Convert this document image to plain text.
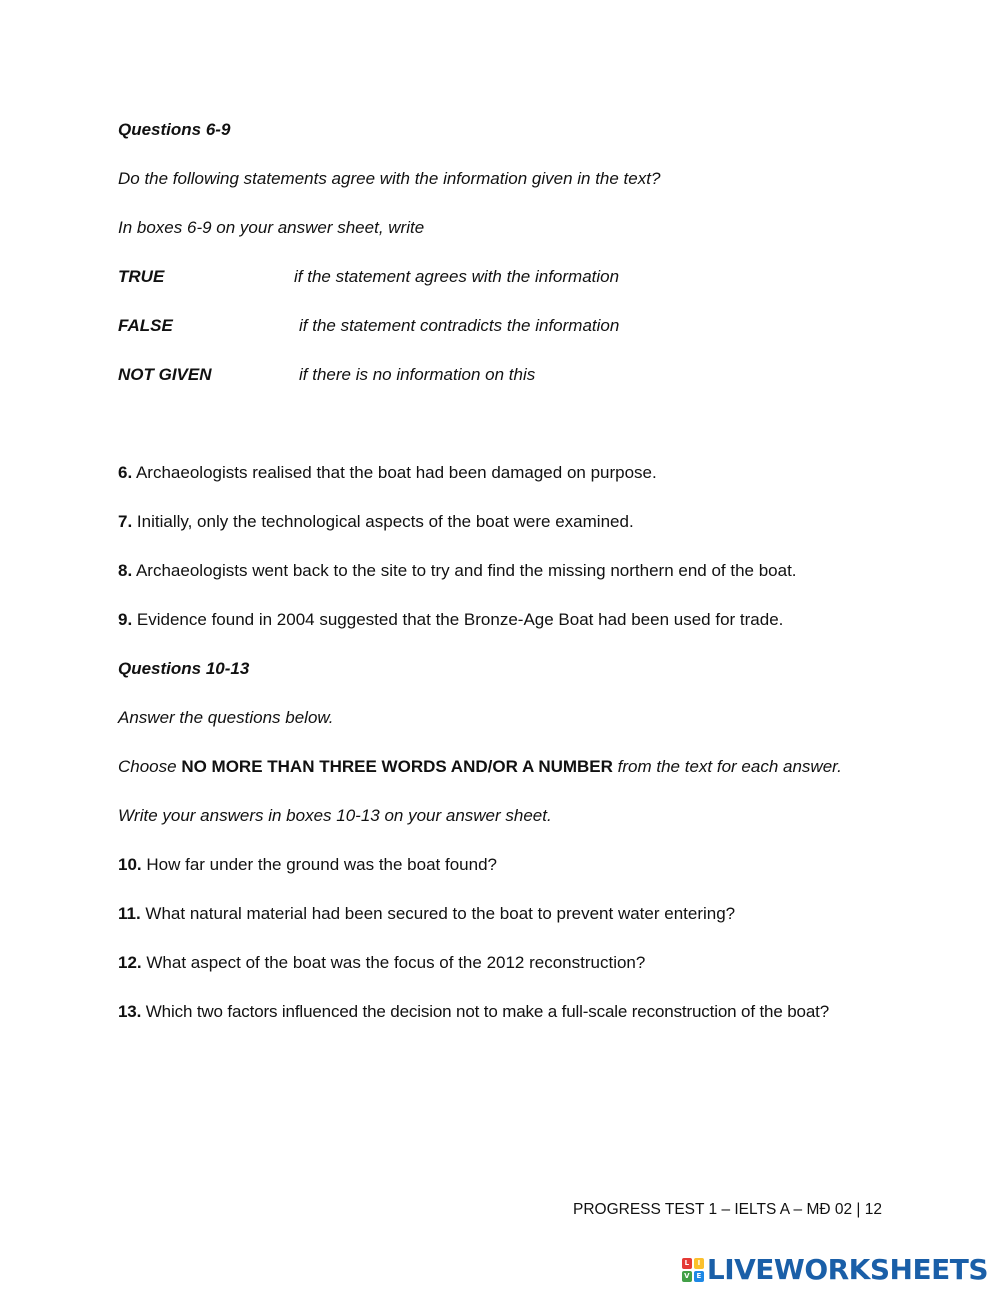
Questions 6-9
Do the following statements agree with the information given in the text?
In boxes 6-9 on your answer sheet, write
TRUE	if the statement agrees with the information
FALSE	if the statement contradicts the information
NOT GIVEN	if there is no information on this
6. Archaeologists realised that the boat had been damaged on purpose.
7. Initially, only the technological aspects of the boat were examined.
8. Archaeologists went back to the site to try and find the missing northern end of the boat.
9. Evidence found in 2004 suggested that the Bronze-Age Boat had been used for trade.
Questions 10-13
Answer the questions below.
Choose NO MORE THAN THREE WORDS AND/OR A NUMBER from the text for each answer.
Write your answers in boxes 10-13 on your answer sheet.
10. How far under the ground was the boat found?
11. What natural material had been secured to the boat to prevent water entering?
12. What aspect of the boat was the focus of the 2012 reconstruction?
13. Which two factors influenced the decision not to make a full-scale reconstruction of the boat?
PROGRESS TEST 1 – IELTS A – MĐ 02 | 12
L	I
V E LIVEWORKSHEETS
